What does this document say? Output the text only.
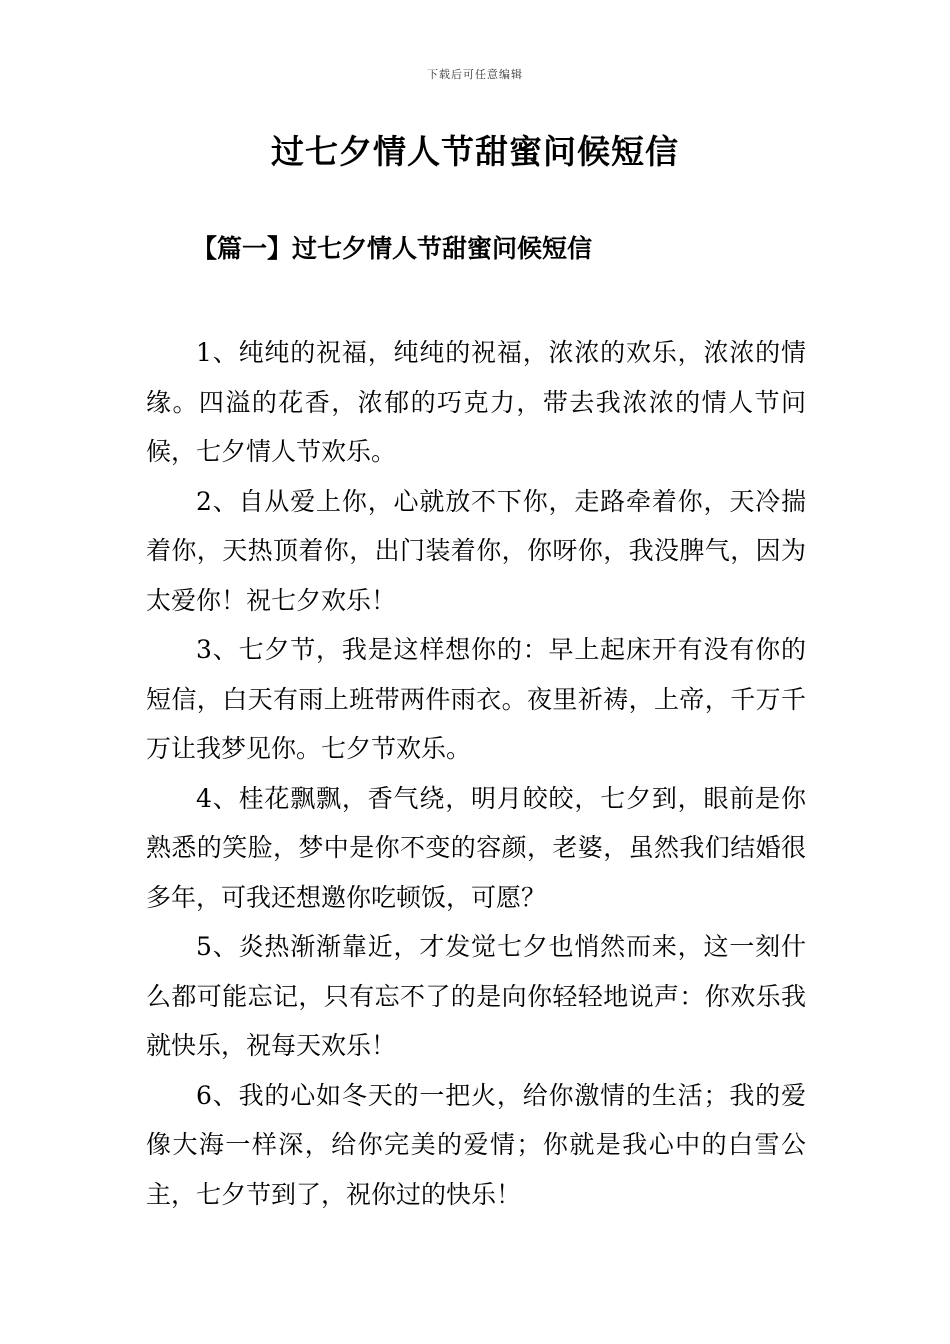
下载后可任意编辑
过七夕情人节甜蜜问候短信
【篇一】过七夕情人节甜蜜问候短信

1、纯纯的祝福，纯纯的祝福，浓浓的欢乐，浓浓的情缘。四溢的花香，浓郁的巧克力，带去我浓浓的情人节问候，七夕情人节欢乐。

2、自从爱上你，心就放不下你，走路牵着你，天冷揣着你，天热顶着你，出门装着你，你呀你，我没脾气，因为太爱你！祝七夕欢乐！

3、七夕节，我是这样想你的：早上起床开有没有你的短信，白天有雨上班带两件雨衣。夜里祈祷，上帝，千万千万让我梦见你。七夕节欢乐。

4、桂花飘飘，香气绕，明月皎皎，七夕到，眼前是你熟悉的笑脸，梦中是你不变的容颜，老婆，虽然我们结婚很多年，可我还想邀你吃顿饭，可愿？

5、炎热渐渐靠近，才发觉七夕也悄然而来，这一刻什么都可能忘记，只有忘不了的是向你轻轻地说声：你欢乐我就快乐，祝每天欢乐！

6、我的心如冬天的一把火，给你激情的生活；我的爱像大海一样深，给你完美的爱情；你就是我心中的白雪公主，七夕节到了，祝你过的快乐！
